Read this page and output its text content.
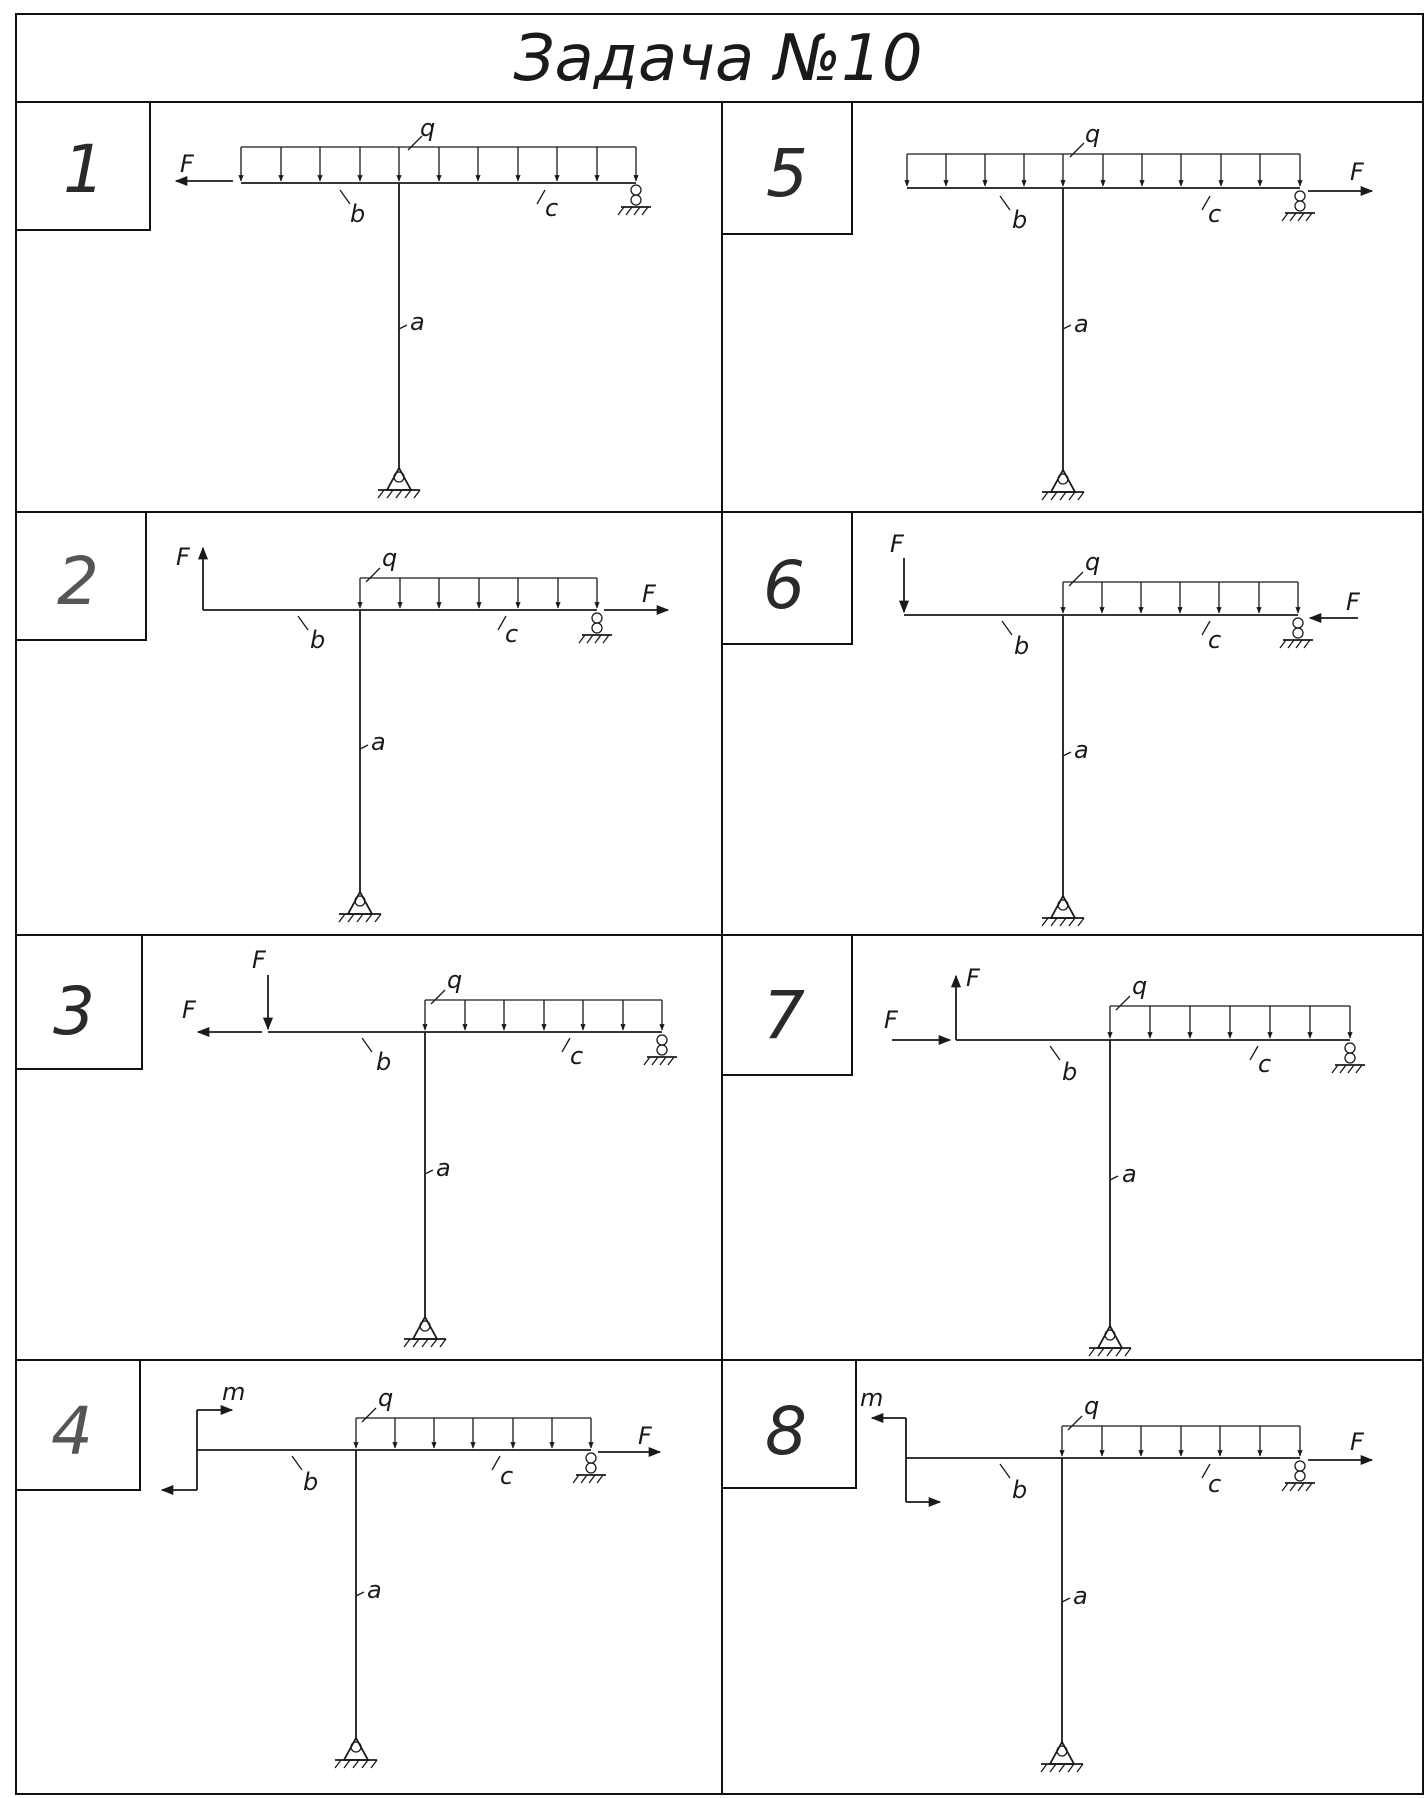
Задача №10
1	F
q
b	c
a
5	F
q
b	c
a
2	F
F
q
b	c
a
6
F
F
q
b	c
a
3
F
F
q
b	c
a
7	F
F
q
b	c
a
4
m
F
q
b	c
a
8 m
F
q
b	c
a
